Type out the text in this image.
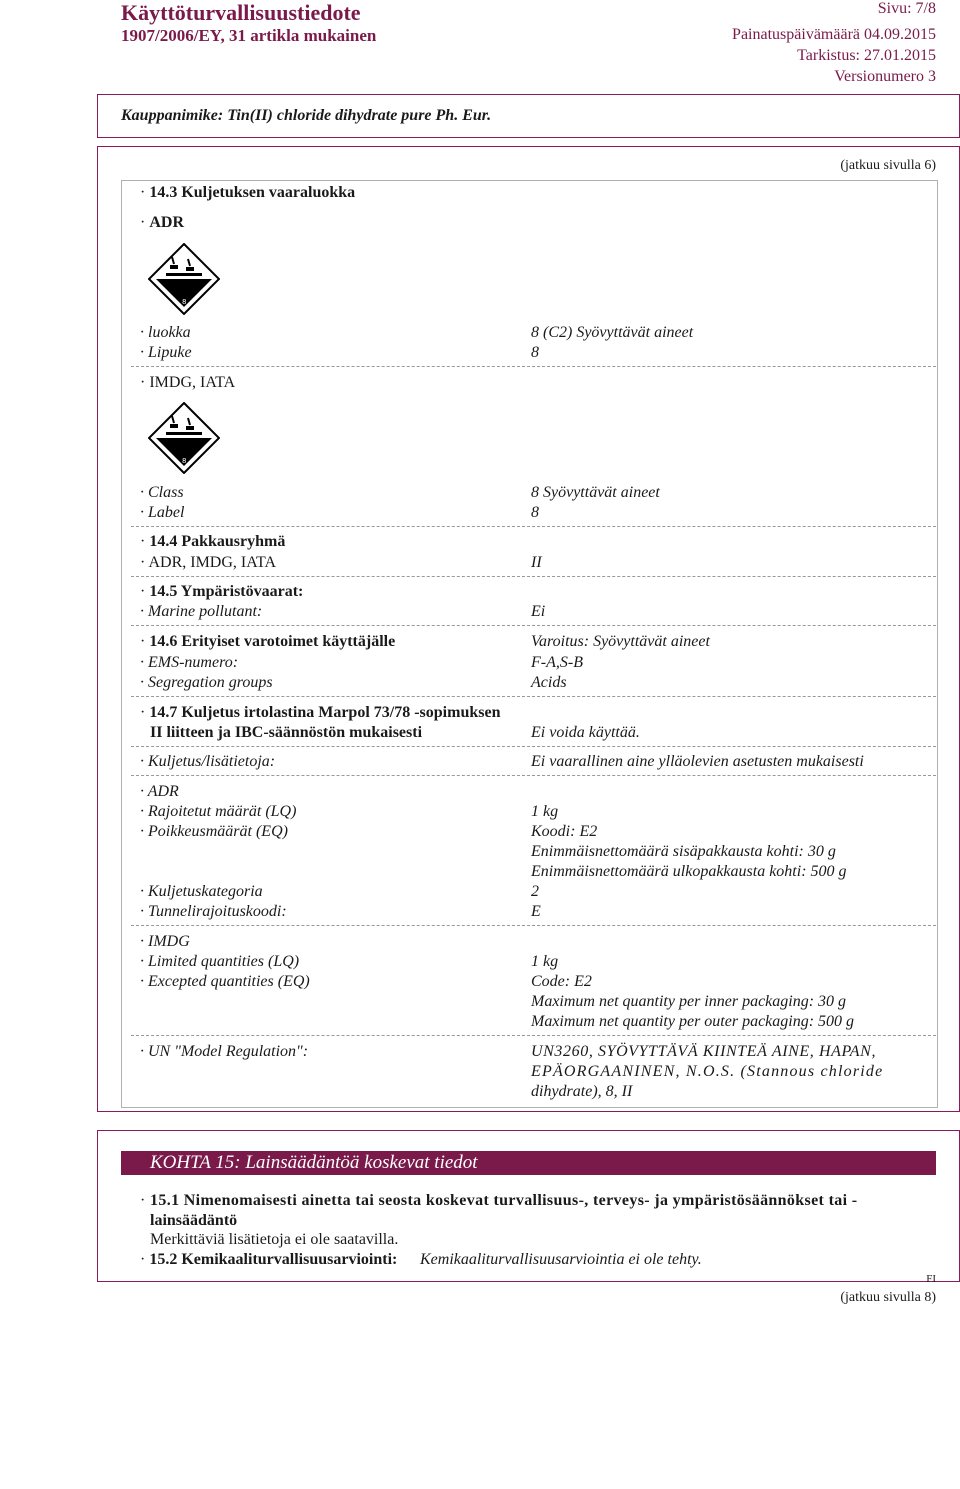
Käyttöturvallisuustiedote
1907/2006/EY, 31 artikla mukainen
Sivu: 7/8
Painatuspäivämäärä 04.09.2015
Tarkistus: 27.01.2015
Versionumero 3
Kauppanimike: Tin(II) chloride dihydrate pure Ph. Eur.
(jatkuu sivulla 6)
· 14.3 Kuljetuksen vaaraluokka
· ADR
8
· luokka	8 (C2) Syövyttävät aineet
· Lipuke	8
· IMDG, IATA
8
· Class	8 Syövyttävät aineet
· Label	8
· 14.4 Pakkausryhmä
· ADR, IMDG, IATA	II
· 14.5 Ympäristövaarat:
· Marine pollutant:	Ei
· 14.6 Erityiset varotoimet käyttäjälle	Varoitus: Syövyttävät aineet
· EMS-numero:	F-A,S-B
· Segregation groups	Acids
· 14.7 Kuljetus irtolastina Marpol 73/78 -sopimuksen
II liitteen ja IBC-säännöstön mukaisesti	Ei voida käyttää.
· Kuljetus/lisätietoja:	Ei vaarallinen aine ylläolevien asetusten mukaisesti
· ADR
· Rajoitetut määrät (LQ)	1 kg
· Poikkeusmäärät (EQ)	Koodi: E2
Enimmäisnettomäärä sisäpakkausta kohti: 30 g
Enimmäisnettomäärä ulkopakkausta kohti: 500 g
· Kuljetuskategoria	2
· Tunnelirajoituskoodi:	E
· IMDG
· Limited quantities (LQ)	1 kg
· Excepted quantities (EQ)	Code: E2
Maximum net quantity per inner packaging: 30 g
Maximum net quantity per outer packaging: 500 g
· UN "Model Regulation":	UN3260, SYÖVYTTÄVÄ KIINTEÄ AINE, HAPAN,
EPÄORGAANINEN, N.O.S. (Stannous chloride
dihydrate), 8, II
KOHTA 15: Lainsäädäntöä koskevat tiedot
· 15.1 Nimenomaisesti ainetta tai seosta koskevat turvallisuus-, terveys- ja ympäristösäännökset tai -
lainsäädäntö
Merkittäviä lisätietoja ei ole saatavilla.
· 15.2 Kemikaaliturvallisuusarviointi: Kemikaaliturvallisuusarviointia ei ole tehty.
FI
(jatkuu sivulla 8)
